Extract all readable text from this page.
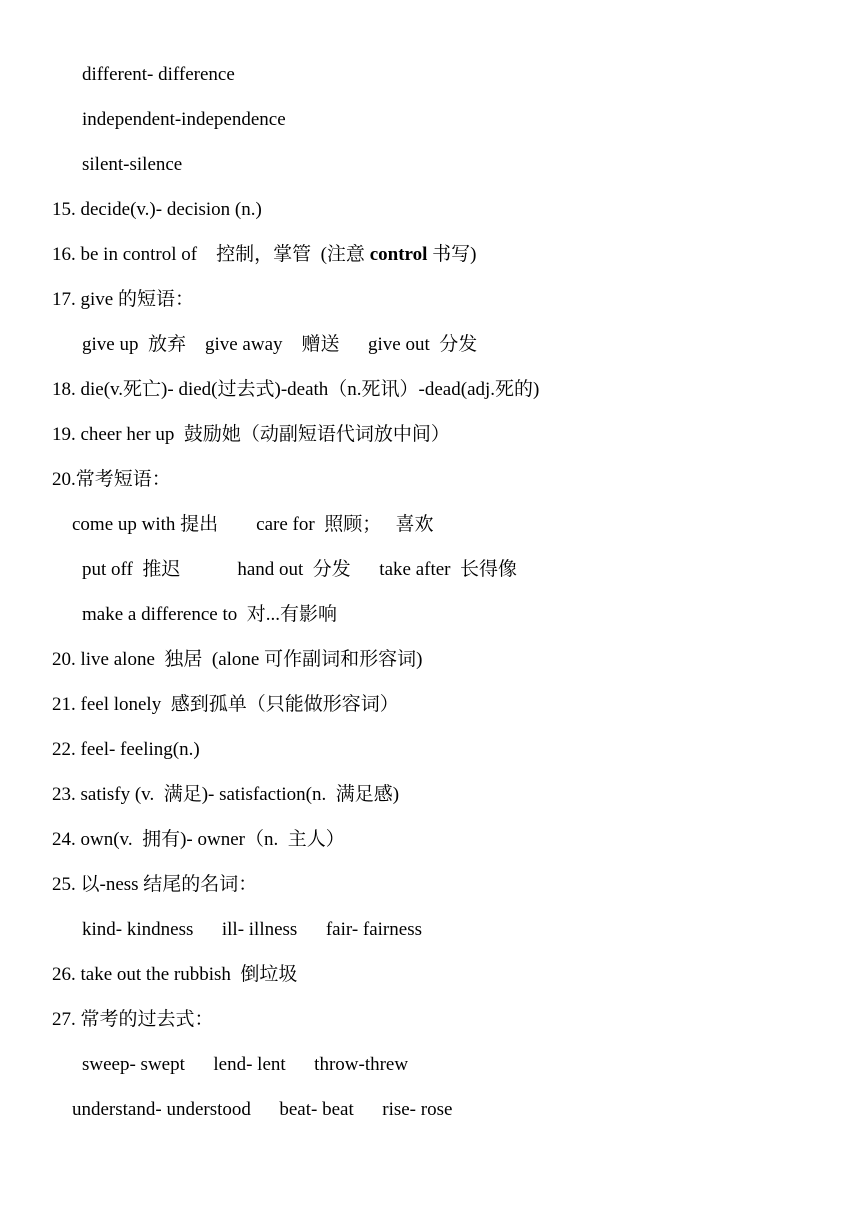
different- difference
independent-independence
silent-silence
15. decide(v.)- decision (n.)
16. be in control of    控制，掌管  (注意 control 书写)
17. give 的短语：
give up  放弃    give away    赠送      give out  分发
18. die(v.死亡)- died(过去式)-death（n.死讯）-dead(adj.死的)
19. cheer her up  鼓励她（动副短语代词放中间）
20.常考短语：
come up with 提出        care for  照顾；   喜欢
put off  推迟            hand out  分发      take after  长得像
make a difference to  对...有影响
20. live alone  独居  (alone 可作副词和形容词)
21. feel lonely  感到孤单（只能做形容词）
22. feel- feeling(n.)
23. satisfy (v.  满足)- satisfaction(n.  满足感)
24. own(v.  拥有)- owner（n.  主人）
25. 以-ness 结尾的名词：
kind- kindness      ill- illness      fair- fairness
26. take out the rubbish  倒垃圾
27. 常考的过去式：
sweep- swept      lend- lent      throw-threw
understand- understood      beat- beat      rise- rose
